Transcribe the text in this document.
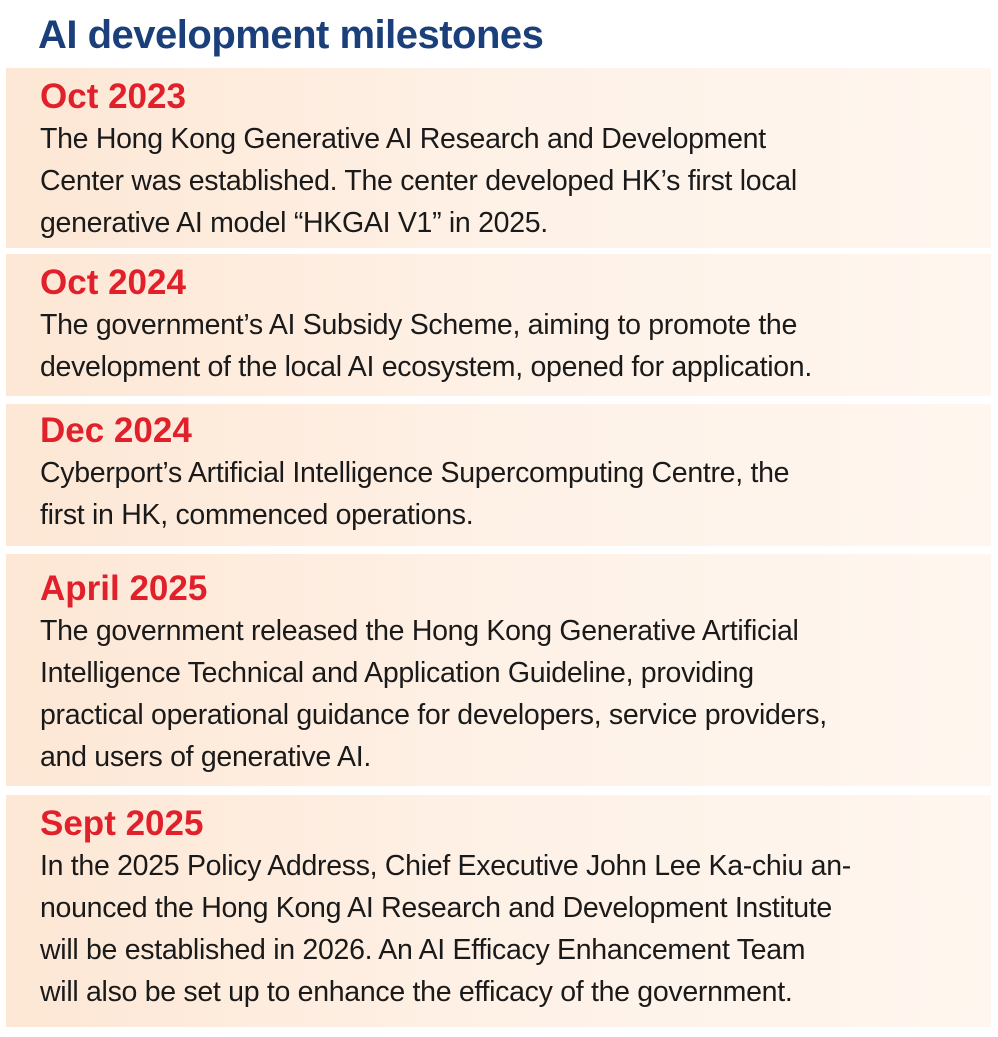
AI development milestones
Oct 2023
The Hong Kong Generative AI Research and Development
Center was established. The center developed HK’s first local
generative AI model “HKGAI V1” in 2025.
Oct 2024
The government’s AI Subsidy Scheme, aiming to promote the
development of the local AI ecosystem, opened for application.
Dec 2024
Cyberport’s Artificial Intelligence Supercomputing Centre, the
first in HK, commenced operations.
April 2025
The government released the Hong Kong Generative Artificial
Intelligence Technical and Application Guideline, providing
practical operational guidance for developers, service providers,
and users of generative AI.
Sept 2025
In the 2025 Policy Address, Chief Executive John Lee Ka-chiu an-
nounced the Hong Kong AI Research and Development Institute
will be established in 2026. An AI Efficacy Enhancement Team
will also be set up to enhance the efficacy of the government.
